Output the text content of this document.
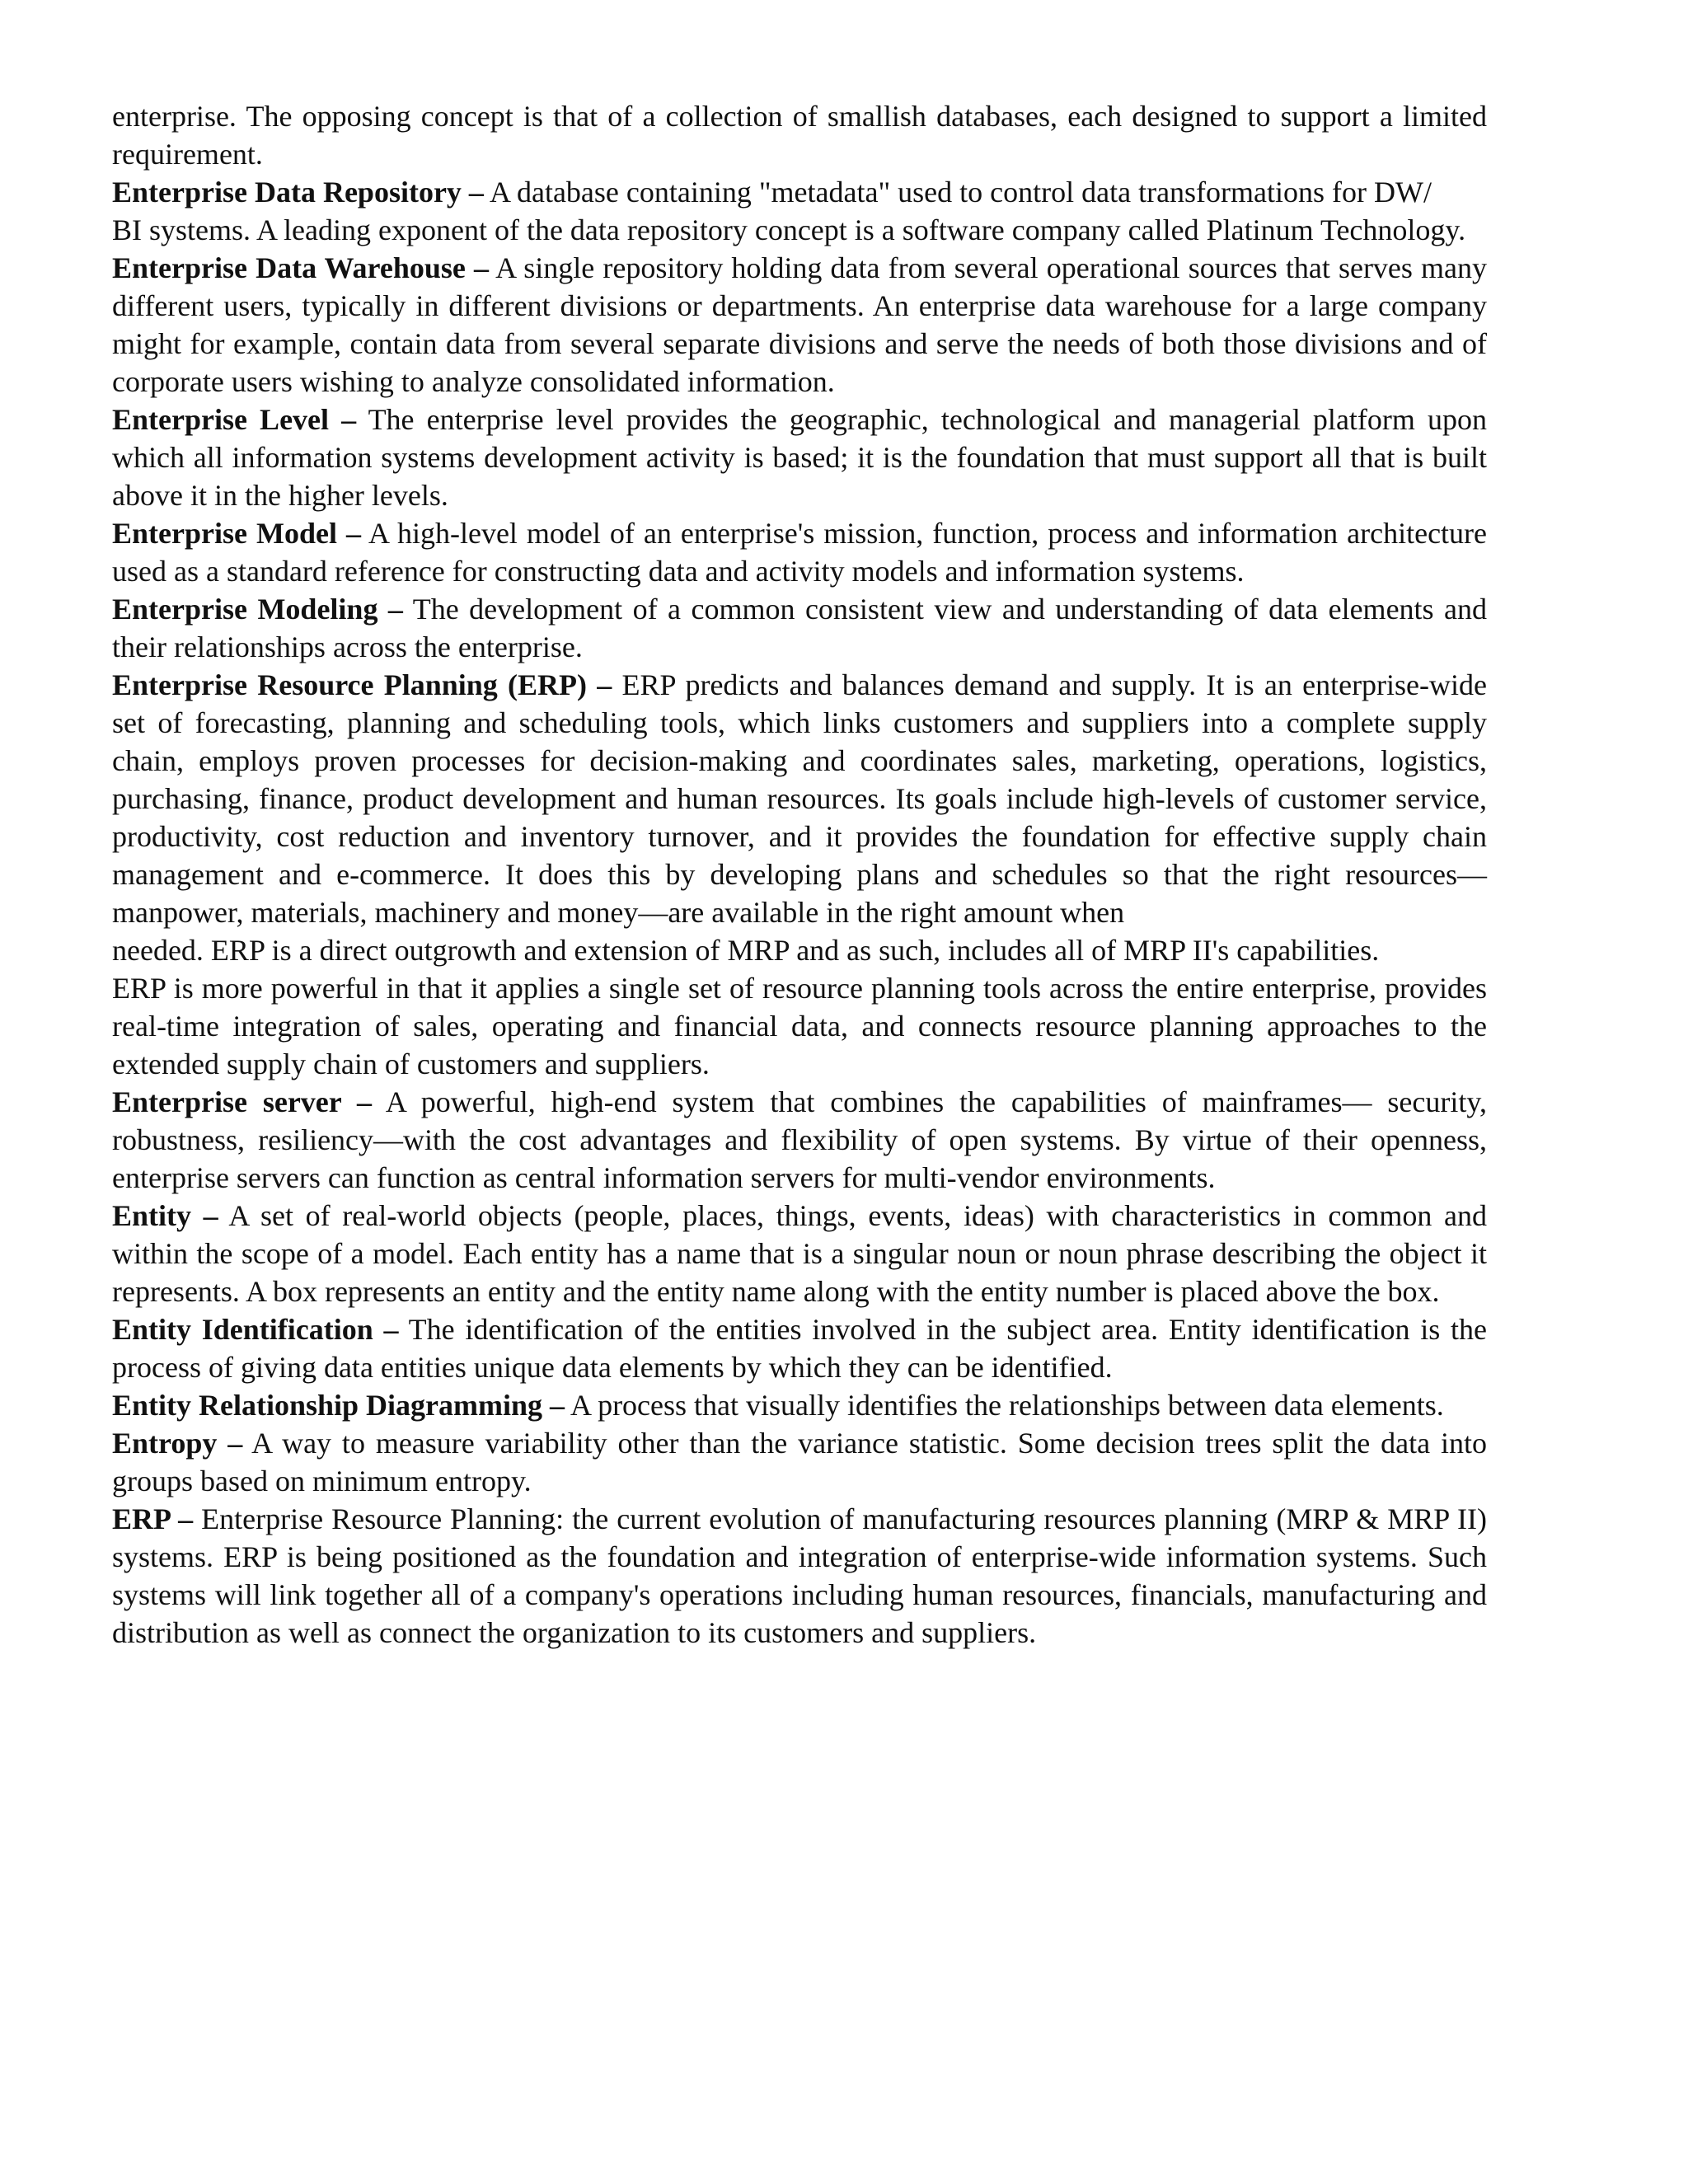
enterprise. The opposing concept is that of a collection of smallish databases, each designed to support a limited requirement.

Enterprise Data Repository – A database containing "metadata" used to control data transformations for DW/

BI systems. A leading exponent of the data repository concept is a software company called Platinum Technology.

Enterprise Data Warehouse – A single repository holding data from several operational sources that serves many different users, typically in different divisions or departments. An enterprise data warehouse for a large company might for example, contain data from several separate divisions and serve the needs of both those divisions and of corporate users wishing to analyze consolidated information.

Enterprise Level – The enterprise level provides the geographic, technological and managerial platform upon which all information systems development activity is based; it is the foundation that must support all that is built above it in the higher levels.

Enterprise Model – A high-level model of an enterprise's mission, function, process and information architecture used as a standard reference for constructing data and activity models and information systems.

Enterprise Modeling – The development of a common consistent view and understanding of data elements and their relationships across the enterprise.

Enterprise Resource Planning (ERP) – ERP predicts and balances demand and supply. It is an enterprise-wide set of forecasting, planning and scheduling tools, which links customers and suppliers into a complete supply chain, employs proven processes for decision-making and coordinates sales, marketing, operations, logistics, purchasing, finance, product development and human resources. Its goals include high-levels of customer service, productivity, cost reduction and inventory turnover, and it provides the foundation for effective supply chain management and e-commerce. It does this by developing plans and schedules so that the right resources—manpower, materials, machinery and money—are available in the right amount when

needed. ERP is a direct outgrowth and extension of MRP and as such, includes all of MRP II's capabilities.

ERP is more powerful in that it applies a single set of resource planning tools across the entire enterprise, provides real-time integration of sales, operating and financial data, and connects resource planning approaches to the extended supply chain of customers and suppliers.

Enterprise server – A powerful, high-end system that combines the capabilities of mainframes— security, robustness, resiliency—with the cost advantages and flexibility of open systems. By virtue of their openness, enterprise servers can function as central information servers for multi-vendor environments.

Entity – A set of real-world objects (people, places, things, events, ideas) with characteristics in common and within the scope of a model. Each entity has a name that is a singular noun or noun phrase describing the object it represents. A box represents an entity and the entity name along with the entity number is placed above the box.

Entity Identification – The identification of the entities involved in the subject area. Entity identification is the process of giving data entities unique data elements by which they can be identified.

Entity Relationship Diagramming – A process that visually identifies the relationships between data elements.

Entropy – A way to measure variability other than the variance statistic. Some decision trees split the data into groups based on minimum entropy.

ERP – Enterprise Resource Planning: the current evolution of manufacturing resources planning (MRP & MRP II) systems. ERP is being positioned as the foundation and integration of enterprise-wide information systems. Such systems will link together all of a company's operations including human resources, financials, manufacturing and distribution as well as connect the organization to its customers and suppliers.
